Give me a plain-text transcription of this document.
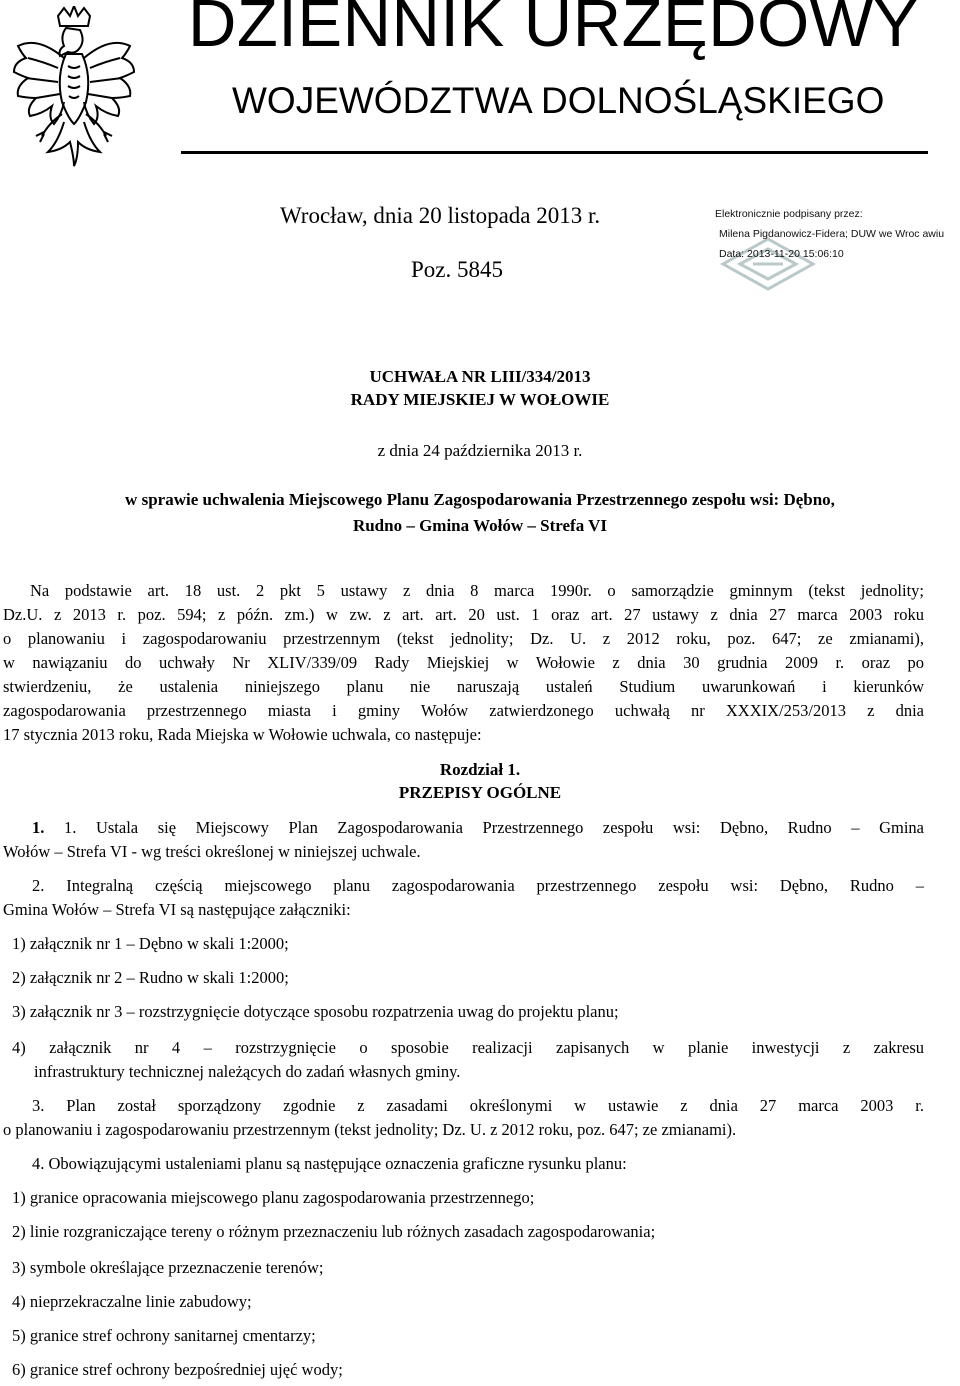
DZIENNIK URZĘDOWY
WOJEWÓDZTWA DOLNOŚLĄSKIEGO
Wrocław, dnia 20 listopada 2013 r.
Poz. 5845
Elektronicznie podpisany przez:
Milena Pigdanowicz-Fidera; DUW we Wroc awiu
Data: 2013-11-20 15:06:10
UCHWAŁA NR LIII/334/2013
RADY MIEJSKIEJ W WOŁOWIE
z dnia 24 października 2013 r.
w sprawie uchwalenia Miejscowego Planu Zagospodarowania Przestrzennego zespołu wsi: Dębno,
Rudno – Gmina Wołów – Strefa VI
Na podstawie art. 18 ust. 2 pkt 5 ustawy z dnia 8 marca 1990r. o samorządzie gminnym (tekst jednolity;
Dz.U. z 2013 r. poz. 594; z późn. zm.) w zw. z art. art. 20 ust. 1 oraz art. 27 ustawy z dnia 27 marca 2003 roku
o planowaniu i zagospodarowaniu przestrzennym (tekst jednolity; Dz. U. z 2012 roku, poz. 647; ze zmianami),
w nawiązaniu do uchwały Nr XLIV/339/09 Rady Miejskiej w Wołowie z dnia 30 grudnia 2009 r. oraz po
stwierdzeniu, że ustalenia niniejszego planu nie naruszają ustaleń Studium uwarunkowań i kierunków
zagospodarowania przestrzennego miasta i gminy Wołów zatwierdzonego uchwałą nr XXXIX/253/2013 z dnia
17 stycznia 2013 roku, Rada Miejska w Wołowie uchwala, co następuje:
Rozdział 1.
PRZEPISY OGÓLNE
1. 1. Ustala się Miejscowy Plan Zagospodarowania Przestrzennego zespołu wsi: Dębno, Rudno – Gmina
Wołów – Strefa VI - wg treści określonej w niniejszej uchwale.
2. Integralną częścią miejscowego planu zagospodarowania przestrzennego zespołu wsi: Dębno, Rudno –
Gmina Wołów – Strefa VI są następujące załączniki:
1) załącznik nr 1 – Dębno w skali 1:2000;
2) załącznik nr 2 – Rudno w skali 1:2000;
3) załącznik nr 3 – rozstrzygnięcie dotyczące sposobu rozpatrzenia uwag do projektu planu;
4) załącznik nr 4 – rozstrzygnięcie o sposobie realizacji zapisanych w planie inwestycji z zakresu
infrastruktury technicznej należących do zadań własnych gminy.
3. Plan został sporządzony zgodnie z zasadami określonymi w ustawie z dnia 27 marca 2003 r.
o planowaniu i zagospodarowaniu przestrzennym (tekst jednolity; Dz. U. z 2012 roku, poz. 647; ze zmianami).
4. Obowiązującymi ustaleniami planu są następujące oznaczenia graficzne rysunku planu:
1) granice opracowania miejscowego planu zagospodarowania przestrzennego;
2) linie rozgraniczające tereny o różnym przeznaczeniu lub różnych zasadach zagospodarowania;
3) symbole określające przeznaczenie terenów;
4) nieprzekraczalne linie zabudowy;
5) granice stref ochrony sanitarnej cmentarzy;
6) granice stref ochrony bezpośredniej ujęć wody;
